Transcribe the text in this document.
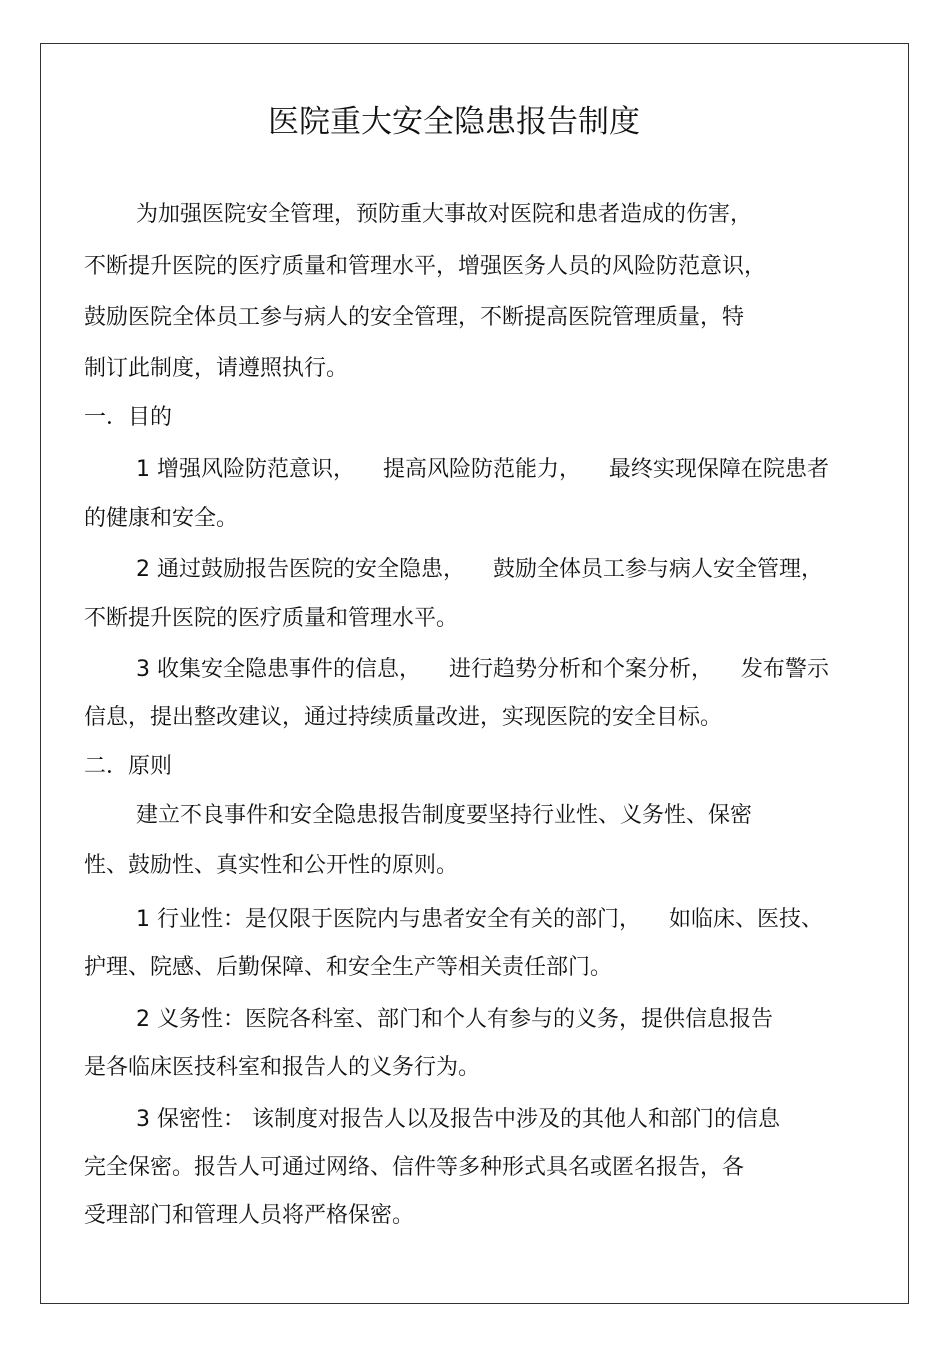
医院重大安全隐患报告制度
为加强医院安全管理，预防重大事故对医院和患者造成的伤害，
不断提升医院的医疗质量和管理水平，增强医务人员的风险防范意识，
鼓励医院全体员工参与病人的安全管理，不断提高医院管理质量，特
制订此制度，请遵照执行。
一．目的
1 增强风险防范意识，    提高风险防范能力，    最终实现保障在院患者
的健康和安全。
2 通过鼓励报告医院的安全隐患，    鼓励全体员工参与病人安全管理，
不断提升医院的医疗质量和管理水平。
3 收集安全隐患事件的信息，    进行趋势分析和个案分析，    发布警示
信息，提出整改建议，通过持续质量改进，实现医院的安全目标。
二．原则
建立不良事件和安全隐患报告制度要坚持行业性、义务性、保密
性、鼓励性、真实性和公开性的原则。
1 行业性：是仅限于医院内与患者安全有关的部门，    如临床、医技、
护理、院感、后勤保障、和安全生产等相关责任部门。
2 义务性：医院各科室、部门和个人有参与的义务，提供信息报告
是各临床医技科室和报告人的义务行为。
3 保密性： 该制度对报告人以及报告中涉及的其他人和部门的信息
完全保密。报告人可通过网络、信件等多种形式具名或匿名报告，各
受理部门和管理人员将严格保密。
